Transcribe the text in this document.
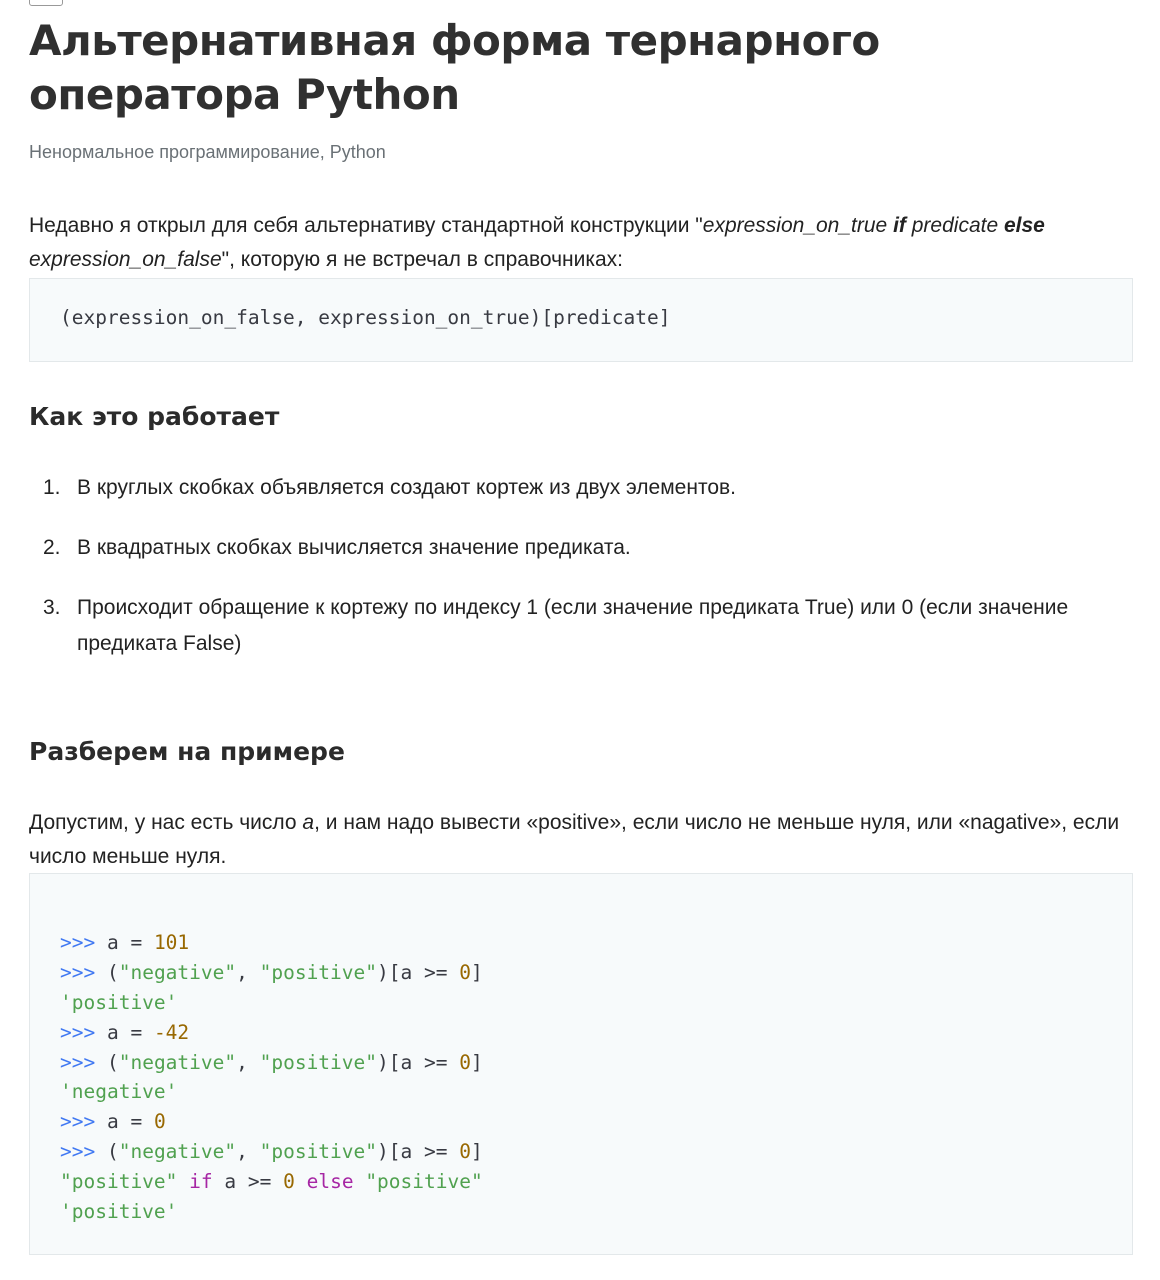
Альтернативная форма тернарного оператора Python
Ненормальное программирование, Python

Недавно я открыл для себя альтернативу стандартной конструкции "expression_on_true if predicate else expression_on_false", которую я не встречал в справочниках:

(expression_on_false, expression_on_true)[predicate]
Как это работает
1. В круглых скобках объявляется создают кортеж из двух элементов.
2. В квадратных скобках вычисляется значение предиката.
3. Происходит обращение к кортежу по индексу 1 (если значение предиката True) или 0 (если значение предиката False)
Разберем на примере

Допустим, у нас есть число a, и нам надо вывести «positive», если число не меньше нуля, или «nagative», если число меньше нуля.

>>> a = 101
>>> ("negative", "positive")[a >= 0]
'positive'
>>> a = -42
>>> ("negative", "positive")[a >= 0]
'negative'
>>> a = 0
>>> ("negative", "positive")[a >= 0]
"positive" if a >= 0 else "positive"
'positive'
